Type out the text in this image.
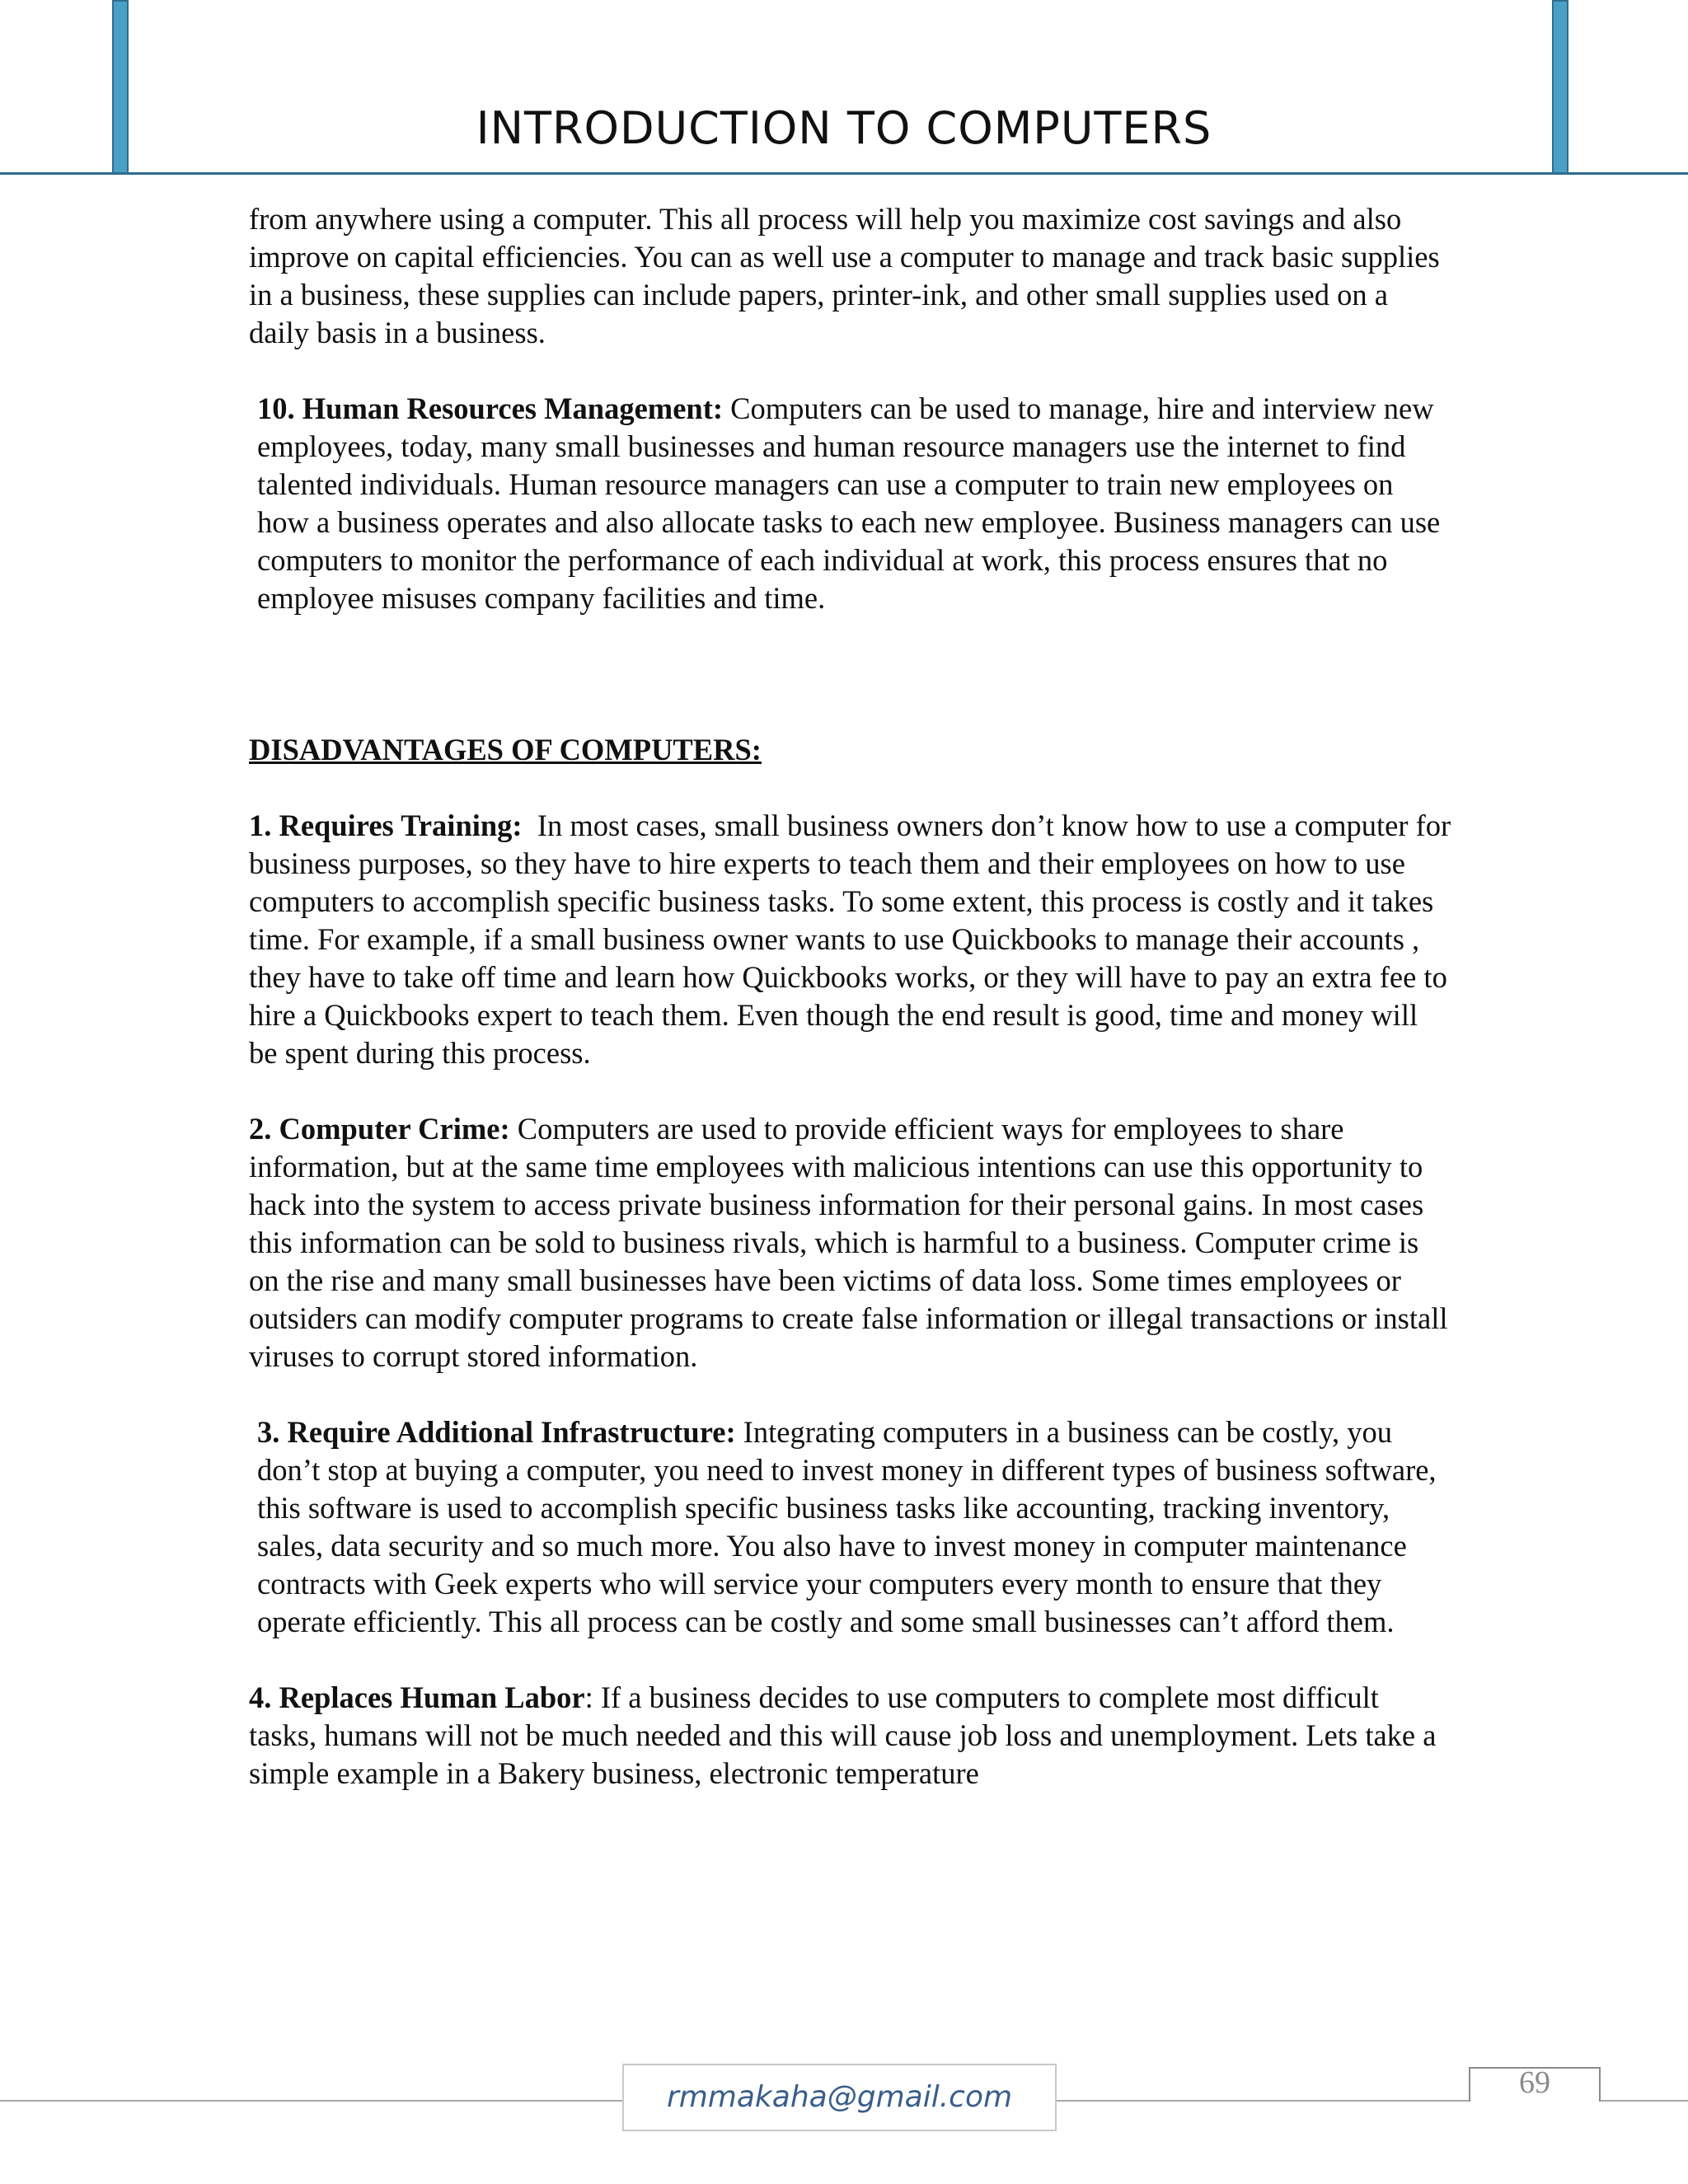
INTRODUCTION TO COMPUTERS

from anywhere using a computer. This all process will help you maximize cost savings and also improve on capital efficiencies. You can as well use a computer to manage and track basic supplies in a business, these supplies can include papers, printer-ink, and other small supplies used on a daily basis in a business.

10. Human Resources Management: Computers can be used to manage, hire and interview new employees, today, many small businesses and human resource managers use the internet to find talented individuals. Human resource managers can use a computer to train new employees on how a business operates and also allocate tasks to each new employee. Business managers can use computers to monitor the performance of each individual at work, this process ensures that no employee misuses company facilities and time.

DISADVANTAGES OF COMPUTERS:

1. Requires Training:  In most cases, small business owners don’t know how to use a computer for business purposes, so they have to hire experts to teach them and their employees on how to use computers to accomplish specific business tasks. To some extent, this process is costly and it takes time. For example, if a small business owner wants to use Quickbooks to manage their accounts , they have to take off time and learn how Quickbooks works, or they will have to pay an extra fee to hire a Quickbooks expert to teach them. Even though the end result is good, time and money will be spent during this process.

2. Computer Crime: Computers are used to provide efficient ways for employees to share information, but at the same time employees with malicious intentions can use this opportunity to hack into the system to access private business information for their personal gains. In most cases this information can be sold to business rivals, which is harmful to a business. Computer crime is on the rise and many small businesses have been victims of data loss. Some times employees or outsiders can modify computer programs to create false information or illegal transactions or install viruses to corrupt stored information.

3. Require Additional Infrastructure: Integrating computers in a business can be costly, you don’t stop at buying a computer, you need to invest money in different types of business software, this software is used to accomplish specific business tasks like accounting, tracking inventory, sales, data security and so much more. You also have to invest money in computer maintenance contracts with Geek experts who will service your computers every month to ensure that they operate efficiently. This all process can be costly and some small businesses can’t afford them.

4. Replaces Human Labor: If a business decides to use computers to complete most difficult tasks, humans will not be much needed and this will cause job loss and unemployment. Lets take a simple example in a Bakery business, electronic temperature

rmmakaha@gmail.com	69
